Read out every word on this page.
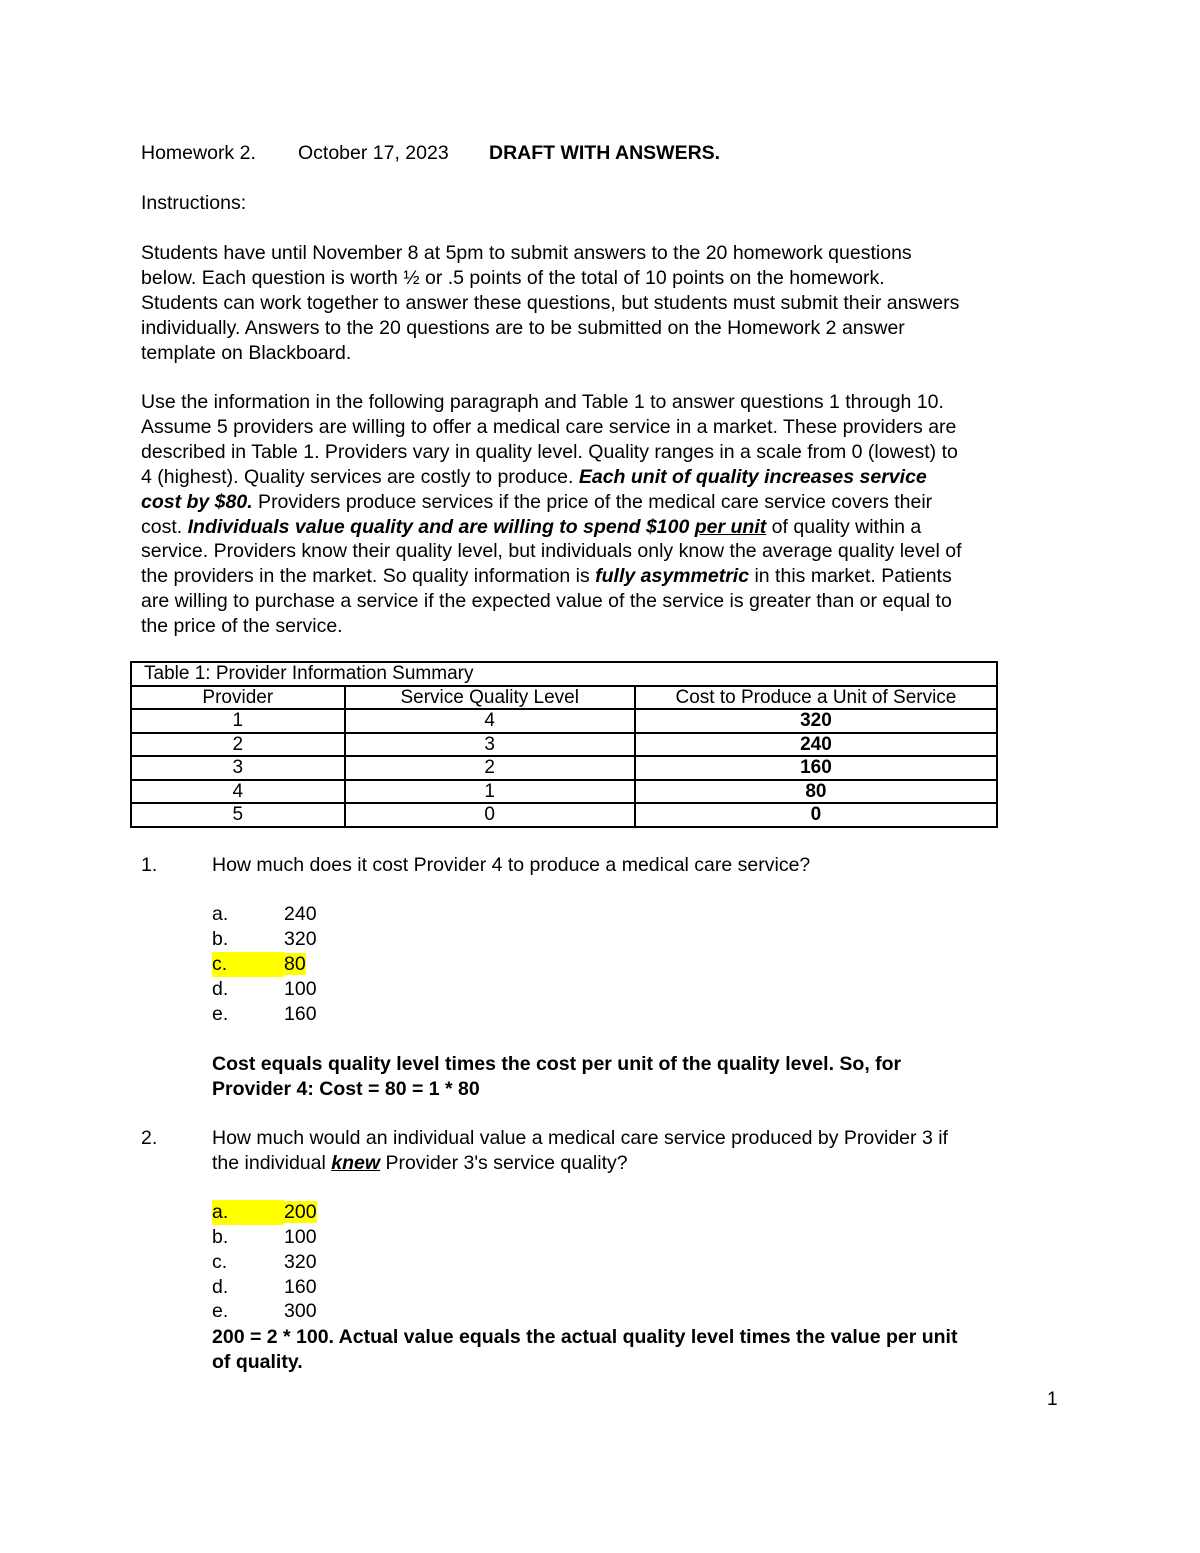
Homework 2. October 17, 2023 DRAFT WITH ANSWERS.
Instructions:
Students have until November 8 at 5pm to submit answers to the 20 homework questions
below. Each question is worth ½ or .5 points of the total of 10 points on the homework.
Students can work together to answer these questions, but students must submit their answers
individually. Answers to the 20 questions are to be submitted on the Homework 2 answer
template on Blackboard.
Use the information in the following paragraph and Table 1 to answer questions 1 through 10.
Assume 5 providers are willing to offer a medical care service in a market. These providers are
described in Table 1. Providers vary in quality level. Quality ranges in a scale from 0 (lowest) to
4 (highest). Quality services are costly to produce. Each unit of quality increases service
cost by $80. Providers produce services if the price of the medical care service covers their
cost. Individuals value quality and are willing to spend $100 per unit of quality within a
service. Providers know their quality level, but individuals only know the average quality level of
the providers in the market. So quality information is fully asymmetric in this market. Patients
are willing to purchase a service if the expected value of the service is greater than or equal to
the price of the service.
Table 1: Provider Information Summary		
Provider	Service Quality Level	Cost to Produce a Unit of Service
1	4	320
2	3	240
3	2	160
4	1	80
5	0	0
1.	How much does it cost Provider 4 to produce a medical care service?
a.	240
b.	320
c.	80
d.	100
e.	160
Cost equals quality level times the cost per unit of the quality level. So, for
Provider 4: Cost = 80 = 1 * 80
2.	How much would an individual value a medical care service produced by Provider 3 if
the individual knew Provider 3's service quality?
a.	200
b.	100
c.	320
d.	160
e.	300
200 = 2 * 100. Actual value equals the actual quality level times the value per unit
of quality.
1
